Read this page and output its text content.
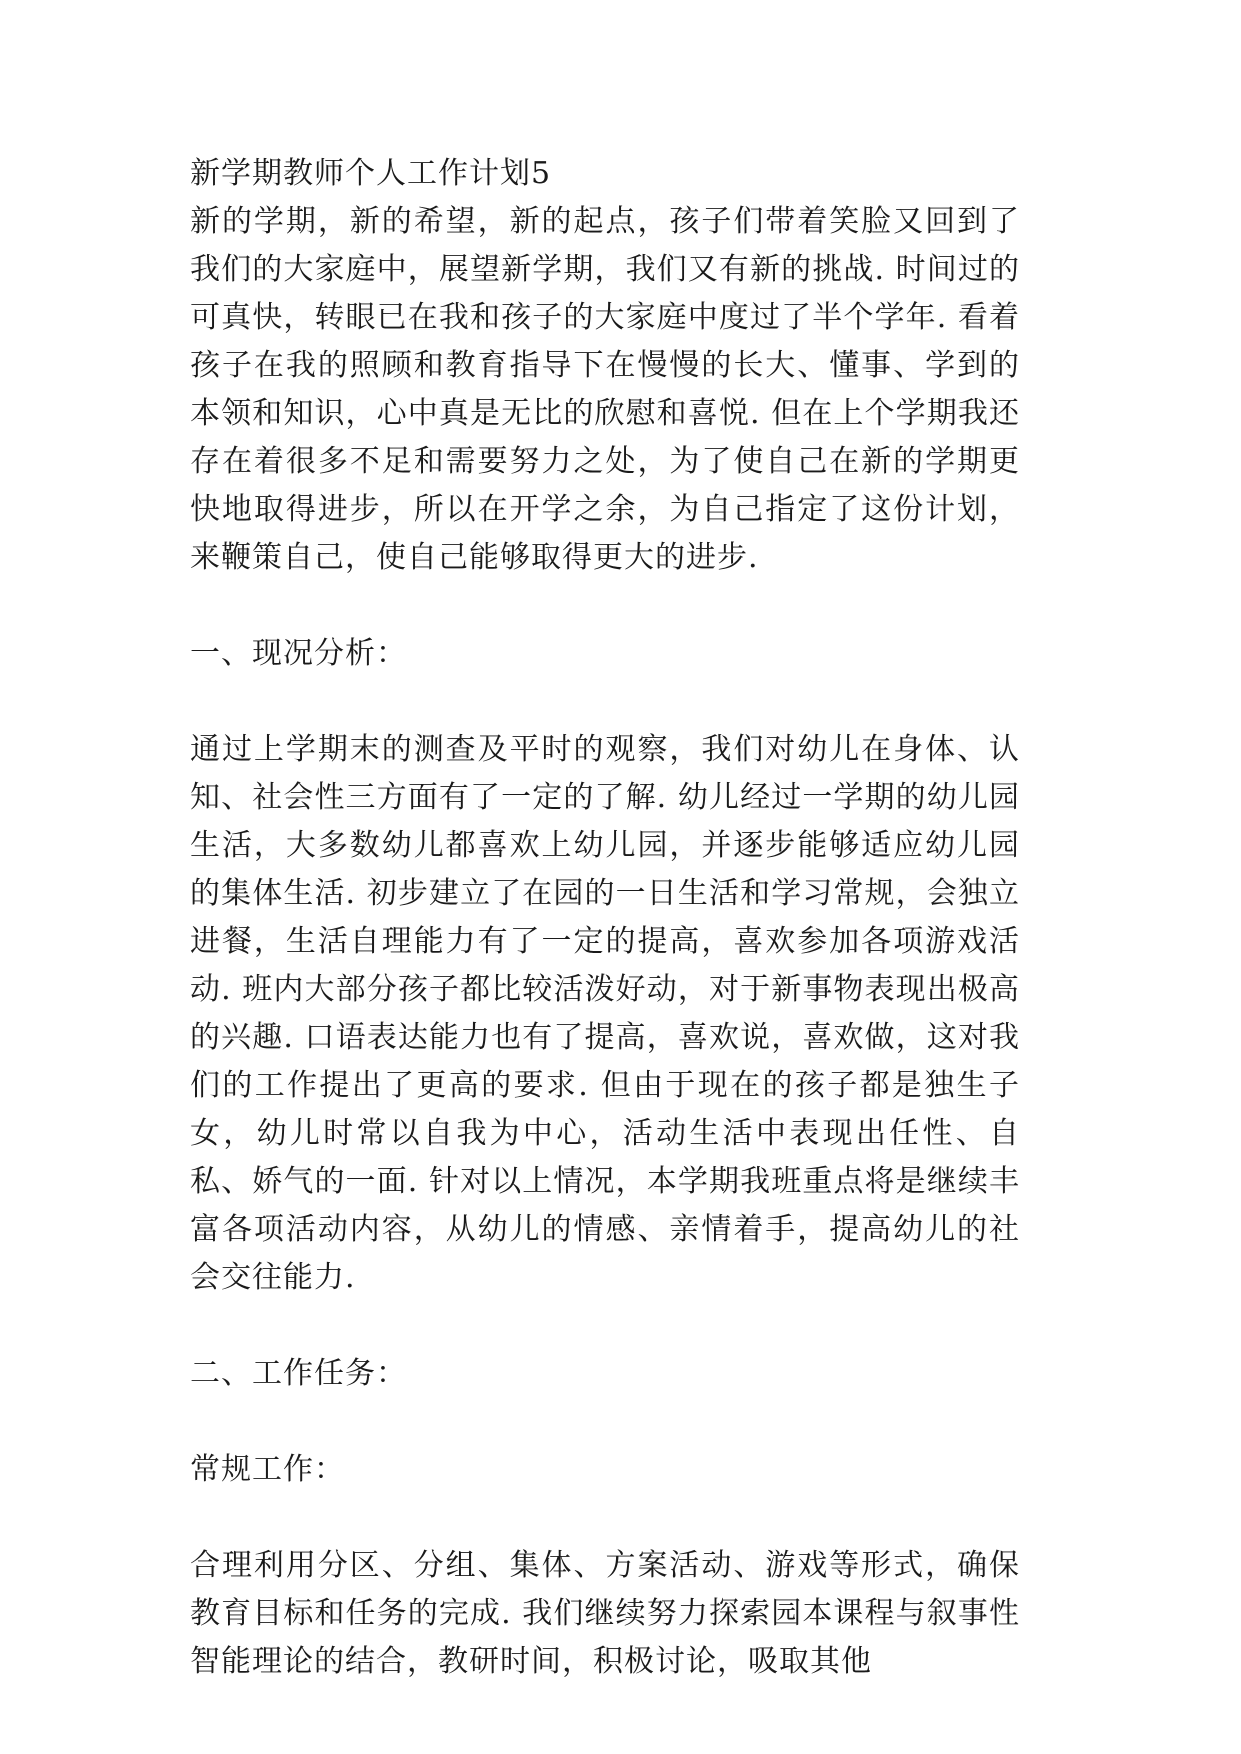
新学期教师个人工作计划5

新的学期，新的希望，新的起点，孩子们带着笑脸又回到了我们的大家庭中，展望新学期，我们又有新的挑战. 时间过的可真快，转眼已在我和孩子的大家庭中度过了半个学年. 看着孩子在我的照顾和教育指导下在慢慢的长大、懂事、学到的本领和知识，心中真是无比的欣慰和喜悦. 但在上个学期我还存在着很多不足和需要努力之处，为了使自己在新的学期更快地取得进步，所以在开学之余，为自己指定了这份计划，来鞭策自己，使自己能够取得更大的进步.

一、现况分析：

通过上学期末的测查及平时的观察，我们对幼儿在身体、认知、社会性三方面有了一定的了解. 幼儿经过一学期的幼儿园生活，大多数幼儿都喜欢上幼儿园，并逐步能够适应幼儿园的集体生活. 初步建立了在园的一日生活和学习常规，会独立进餐，生活自理能力有了一定的提高，喜欢参加各项游戏活动. 班内大部分孩子都比较活泼好动，对于新事物表现出极高的兴趣. 口语表达能力也有了提高，喜欢说，喜欢做，这对我们的工作提出了更高的要求. 但由于现在的孩子都是独生子女，幼儿时常以自我为中心，活动生活中表现出任性、自私、娇气的一面. 针对以上情况，本学期我班重点将是继续丰富各项活动内容，从幼儿的情感、亲情着手，提高幼儿的社会交往能力.

二、工作任务：

常规工作：

合理利用分区、分组、集体、方案活动、游戏等形式，确保教育目标和任务的完成. 我们继续努力探索园本课程与叙事性智能理论的结合，教研时间，积极讨论，吸取其他
